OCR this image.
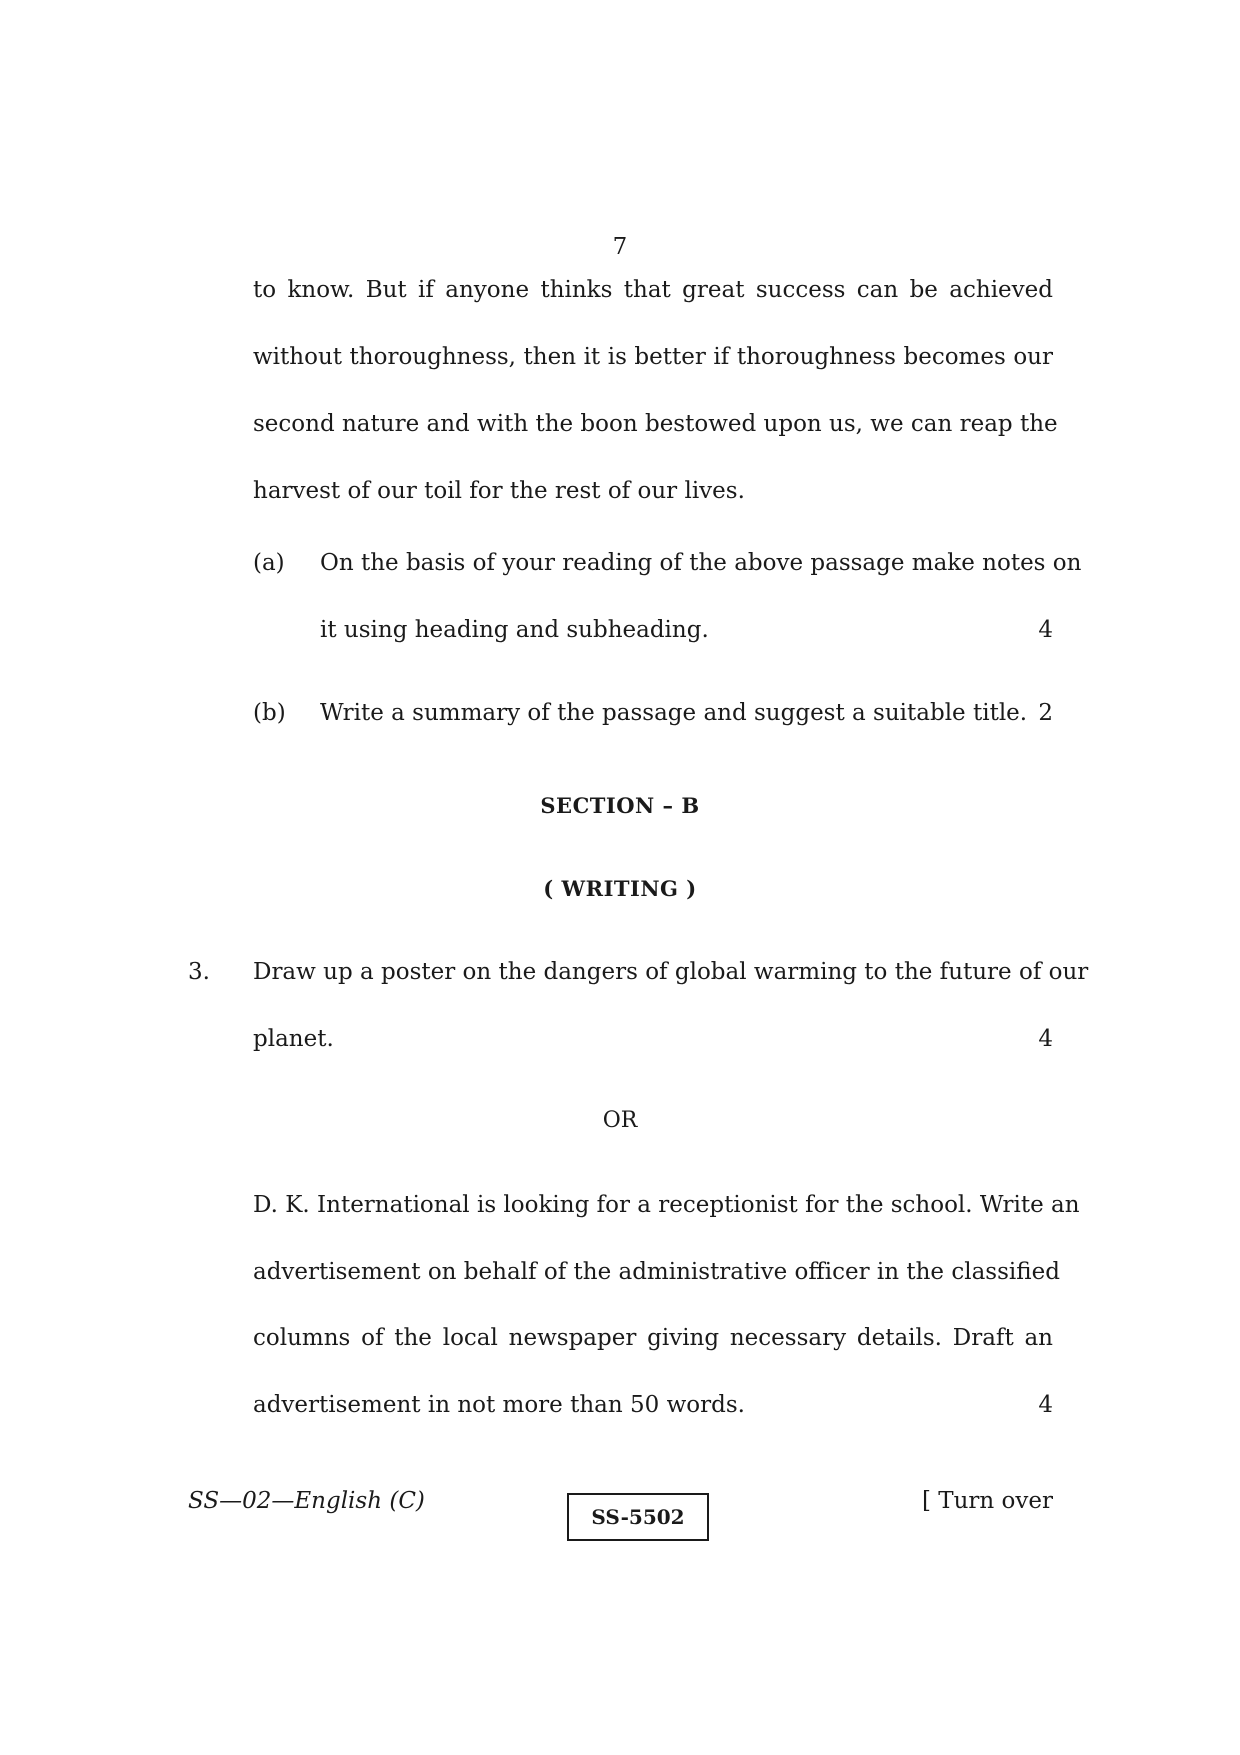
7
to know. But if anyone thinks that great success can be achieved
without thoroughness, then it is better if thoroughness becomes our
second nature and with the boon bestowed upon us, we can reap the
harvest of our toil for the rest of our lives.
(a) On the basis of your reading of the above passage make notes on
it using heading and subheading.	4
(b) Write a summary of the passage and suggest a suitable title. 2
SECTION – B
( WRITING )
3. Draw up a poster on the dangers of global warming to the future of our
planet.	4
OR
D. K. International is looking for a receptionist for the school. Write an
advertisement on behalf of the administrative officer in the classified
columns of the local newspaper giving necessary details. Draft an
advertisement in not more than 50 words.	4
SS—02—English (C)
SS-5502
[ Turn over
